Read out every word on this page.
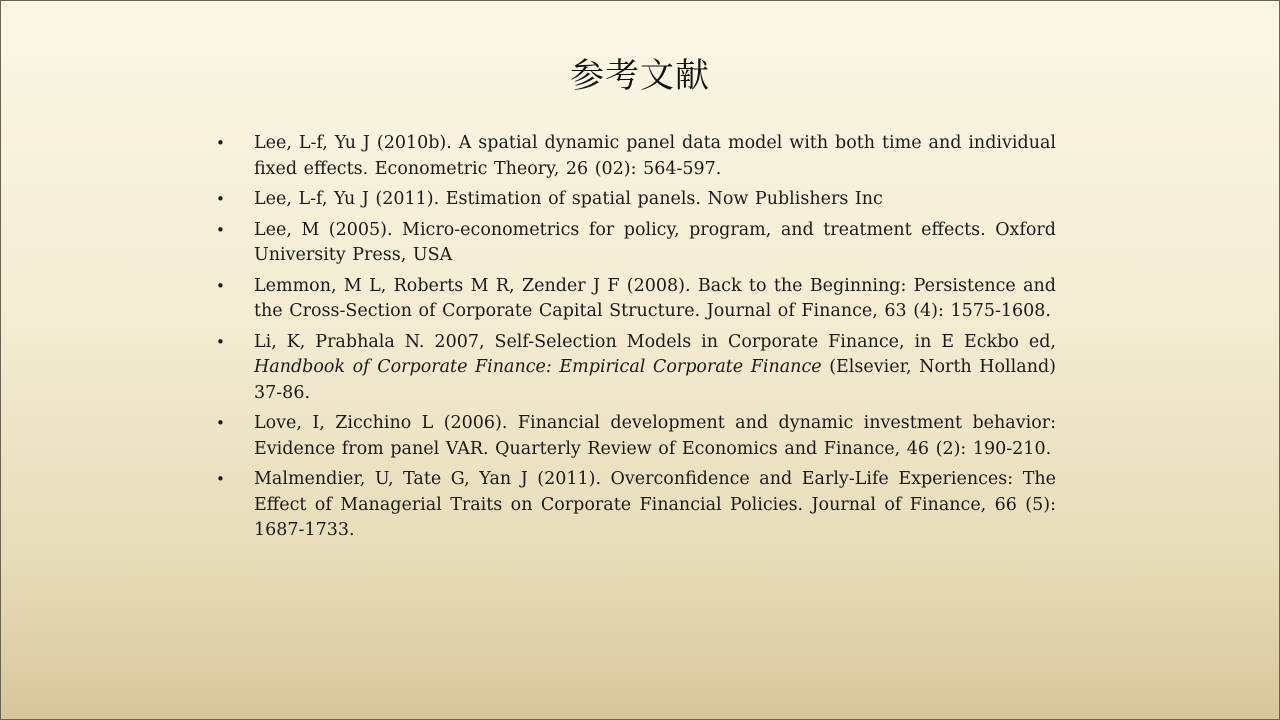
参考文献
• Lee, L-f, Yu J (2010b). A spatial dynamic panel data model with both time and individual fixed effects. Econometric Theory, 26 (02): 564-597.
• Lee, L-f, Yu J (2011). Estimation of spatial panels. Now Publishers Inc
• Lee, M (2005). Micro-econometrics for policy, program, and treatment effects. Oxford University Press, USA
• Lemmon, M L, Roberts M R, Zender J F (2008). Back to the Beginning: Persistence and the Cross-Section of Corporate Capital Structure. Journal of Finance, 63 (4): 1575-1608.
• Li, K, Prabhala N. 2007, Self-Selection Models in Corporate Finance, in E Eckbo ed, Handbook of Corporate Finance: Empirical Corporate Finance (Elsevier, North Holland) 37-86.
• Love, I, Zicchino L (2006). Financial development and dynamic investment behavior: Evidence from panel VAR. Quarterly Review of Economics and Finance, 46 (2): 190-210.
• Malmendier, U, Tate G, Yan J (2011). Overconfidence and Early-Life Experiences: The Effect of Managerial Traits on Corporate Financial Policies. Journal of Finance, 66 (5): 1687-1733.
